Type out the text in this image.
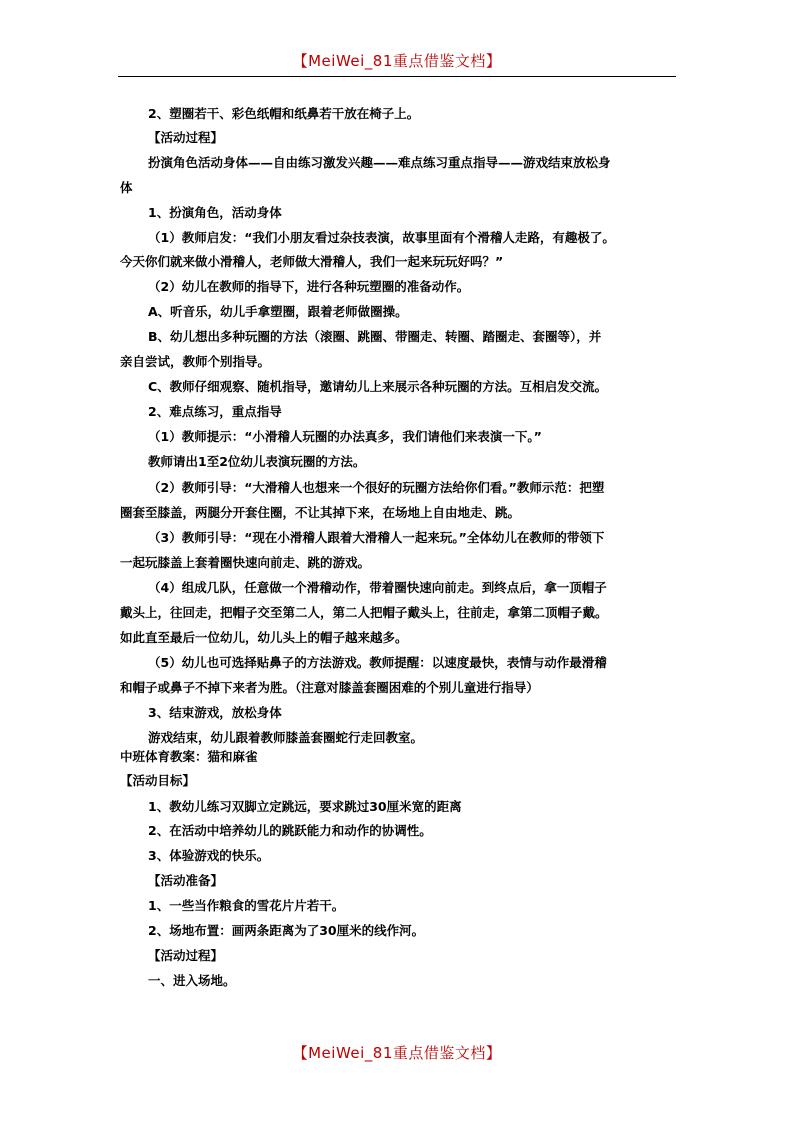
【MeiWei_81重点借鉴文档】
2、塑圈若干、彩色纸帽和纸鼻若干放在椅子上。
【活动过程】
扮演角色活动身体——自由练习激发兴趣——难点练习重点指导——游戏结束放松身
体
1、扮演角色，活动身体
（1）教师启发：“我们小朋友看过杂技表演，故事里面有个滑稽人走路，有趣极了。
今天你们就来做小滑稽人，老师做大滑稽人，我们一起来玩玩好吗？”
（2）幼儿在教师的指导下，进行各种玩塑圈的准备动作。
A、听音乐，幼儿手拿塑圈，跟着老师做圈操。
B、幼儿想出多种玩圈的方法（滚圈、跳圈、带圈走、转圈、踏圈走、套圈等），并
亲自尝试，教师个别指导。
C、教师仔细观察、随机指导，邀请幼儿上来展示各种玩圈的方法。互相启发交流。
2、难点练习，重点指导
（1）教师提示：“小滑稽人玩圈的办法真多，我们请他们来表演一下。”
教师请出1至2位幼儿表演玩圈的方法。
（2）教师引导：“大滑稽人也想来一个很好的玩圈方法给你们看。”教师示范：把塑
圈套至膝盖，两腿分开套住圈，不让其掉下来，在场地上自由地走、跳。
（3）教师引导：“现在小滑稽人跟着大滑稽人一起来玩。”全体幼儿在教师的带领下
一起玩膝盖上套着圈快速向前走、跳的游戏。
（4）组成几队，任意做一个滑稽动作，带着圈快速向前走。到终点后，拿一顶帽子
戴头上，往回走，把帽子交至第二人，第二人把帽子戴头上，往前走，拿第二顶帽子戴。
如此直至最后一位幼儿，幼儿头上的帽子越来越多。
（5）幼儿也可选择贴鼻子的方法游戏。教师提醒：以速度最快，表情与动作最滑稽
和帽子或鼻子不掉下来者为胜。（注意对膝盖套圈困难的个别儿童进行指导）
3、结束游戏，放松身体
游戏结束，幼儿跟着教师膝盖套圈蛇行走回教室。
中班体育教案：猫和麻雀
【活动目标】
1、教幼儿练习双脚立定跳远，要求跳过30厘米宽的距离
2、在活动中培养幼儿的跳跃能力和动作的协调性。
3、体验游戏的快乐。
【活动准备】
1、一些当作粮食的雪花片片若干。
2、场地布置：画两条距离为了30厘米的线作河。
【活动过程】
一、进入场地。
【MeiWei_81重点借鉴文档】
